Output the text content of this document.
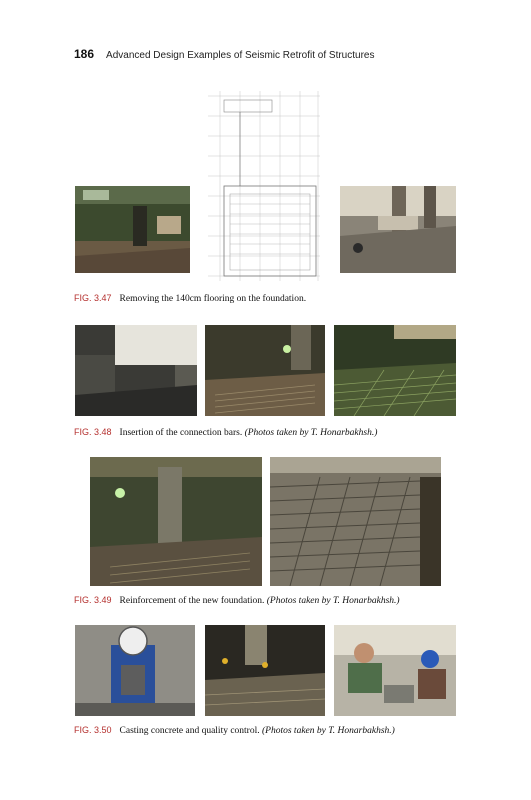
186 Advanced Design Examples of Seismic Retrofit of Structures
FIG. 3.47 Removing the 140cm flooring on the foundation.
FIG. 3.48 Insertion of the connection bars. (Photos taken by T. Honarbakhsh.)
FIG. 3.49 Reinforcement of the new foundation. (Photos taken by T. Honarbakhsh.)
FIG. 3.50 Casting concrete and quality control. (Photos taken by T. Honarbakhsh.)
